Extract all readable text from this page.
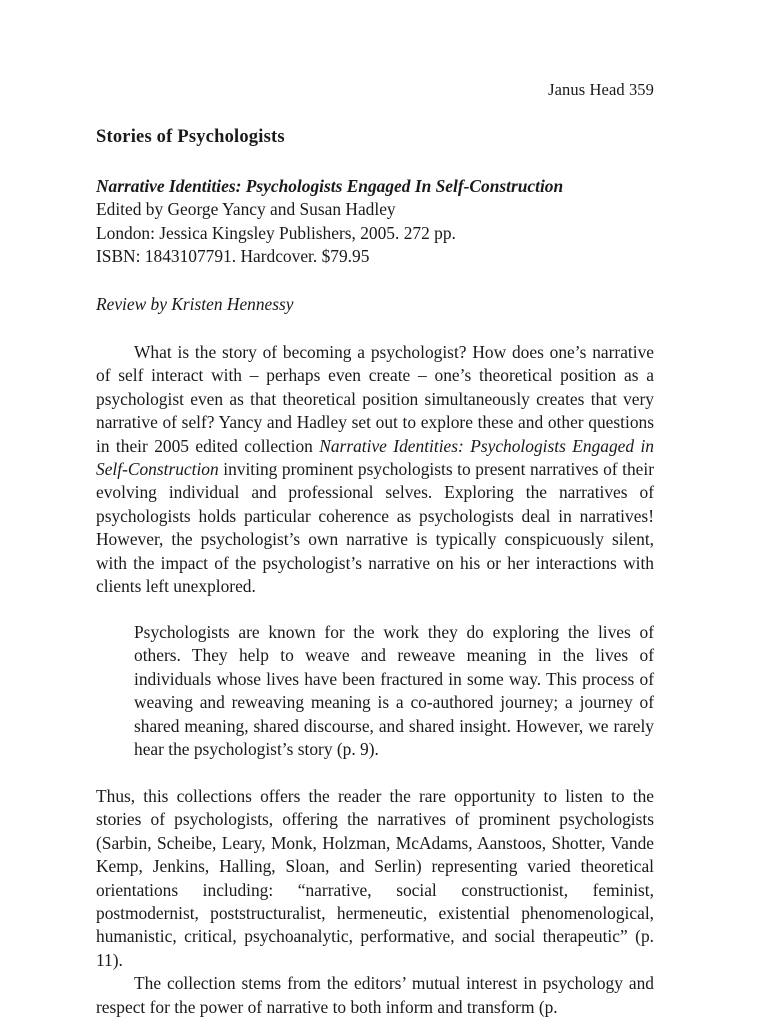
Janus Head 359
Stories of Psychologists
Narrative Identities: Psychologists Engaged In Self-Construction
Edited by George Yancy and Susan Hadley
London: Jessica Kingsley Publishers, 2005. 272 pp.
ISBN: 1843107791. Hardcover. $79.95
Review by Kristen Hennessy

What is the story of becoming a psychologist? How does one’s narrative of self interact with – perhaps even create – one’s theoretical position as a psychologist even as that theoretical position simultaneously creates that very narrative of self? Yancy and Hadley set out to explore these and other questions in their 2005 edited collection Narrative Identities: Psychologists Engaged in Self-Construction inviting prominent psychologists to present narratives of their evolving individual and professional selves. Exploring the narratives of psychologists holds particular coherence as psychologists deal in narratives! However, the psychologist’s own narrative is typically conspicuously silent, with the impact of the psychologist’s narrative on his or her interactions with clients left unexplored.

Psychologists are known for the work they do exploring the lives of others. They help to weave and reweave meaning in the lives of individuals whose lives have been fractured in some way. This process of weaving and reweaving meaning is a co-authored journey; a journey of shared meaning, shared discourse, and shared insight. However, we rarely hear the psychologist’s story (p. 9).

Thus, this collections offers the reader the rare opportunity to listen to the stories of psychologists, offering the narratives of prominent psychologists (Sarbin, Scheibe, Leary, Monk, Holzman, McAdams, Aanstoos, Shotter, Vande Kemp, Jenkins, Halling, Sloan, and Serlin) representing varied theoretical orientations including: “narrative, social constructionist, feminist, postmodernist, poststructuralist, hermeneutic, existential phenomenological, humanistic, critical, psychoanalytic, performative, and social therapeutic” (p. 11).

The collection stems from the editors’ mutual interest in psychology and respect for the power of narrative to both inform and transform (p.
